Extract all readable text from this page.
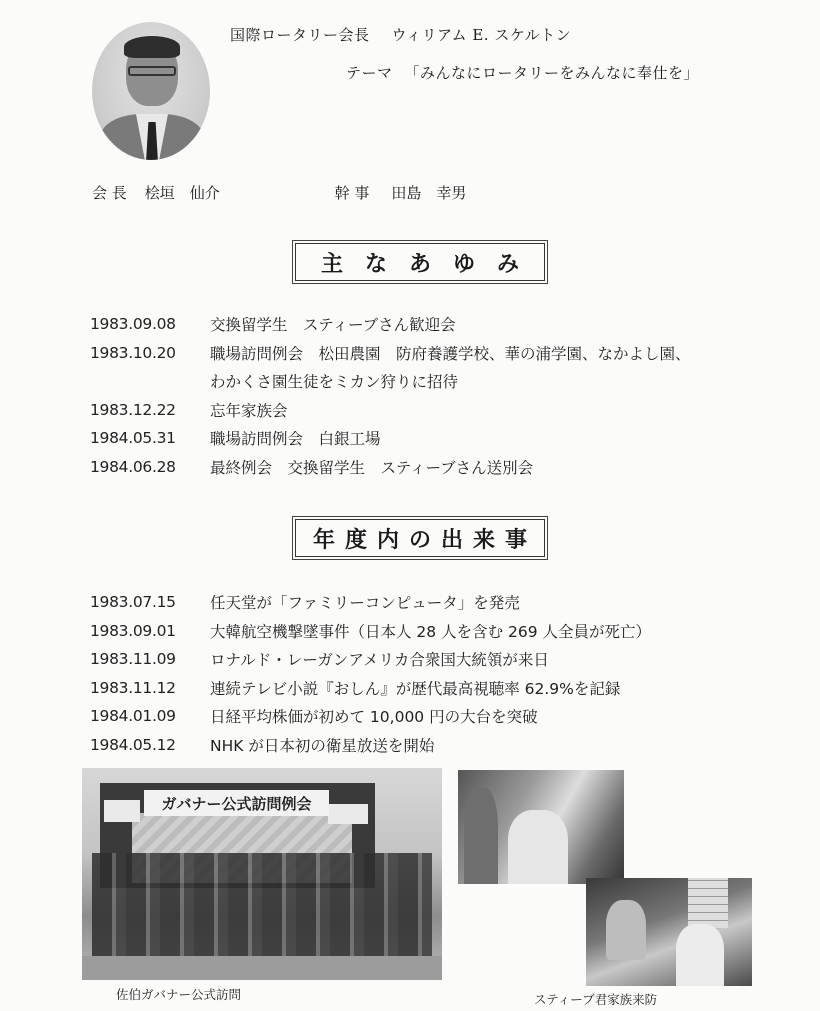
国際ロータリー会長 ウィリアム E. スケルトン
テーマ 「みんなにロータリーをみんなに奉仕を」
会 長 桧垣　仙介	幹 事 田島　幸男
主なあゆみ
1983.09.08	交換留学生　スティーブさん歓迎会
1983.10.20	職場訪問例会　松田農園　防府養護学校、華の浦学園、なかよし園、
わかくさ園生徒をミカン狩りに招待
1983.12.22	忘年家族会
1984.05.31	職場訪問例会　白銀工場
1984.06.28	最終例会　交換留学生　スティーブさん送別会
年度内の出来事
1983.07.15	任天堂が「ファミリーコンピュータ」を発売
1983.09.01	大韓航空機撃墜事件（日本人 28 人を含む 269 人全員が死亡）
1983.11.09	ロナルド・レーガンアメリカ合衆国大統領が来日
1983.11.12	連続テレビ小説『おしん』が歴代最高視聴率 62.9%を記録
1984.01.09	日経平均株価が初めて 10,000 円の大台を突破
1984.05.12	NHK が日本初の衛星放送を開始
ガバナー公式訪問例会
佐伯ガバナー公式訪問	スティーブ君家族来防
